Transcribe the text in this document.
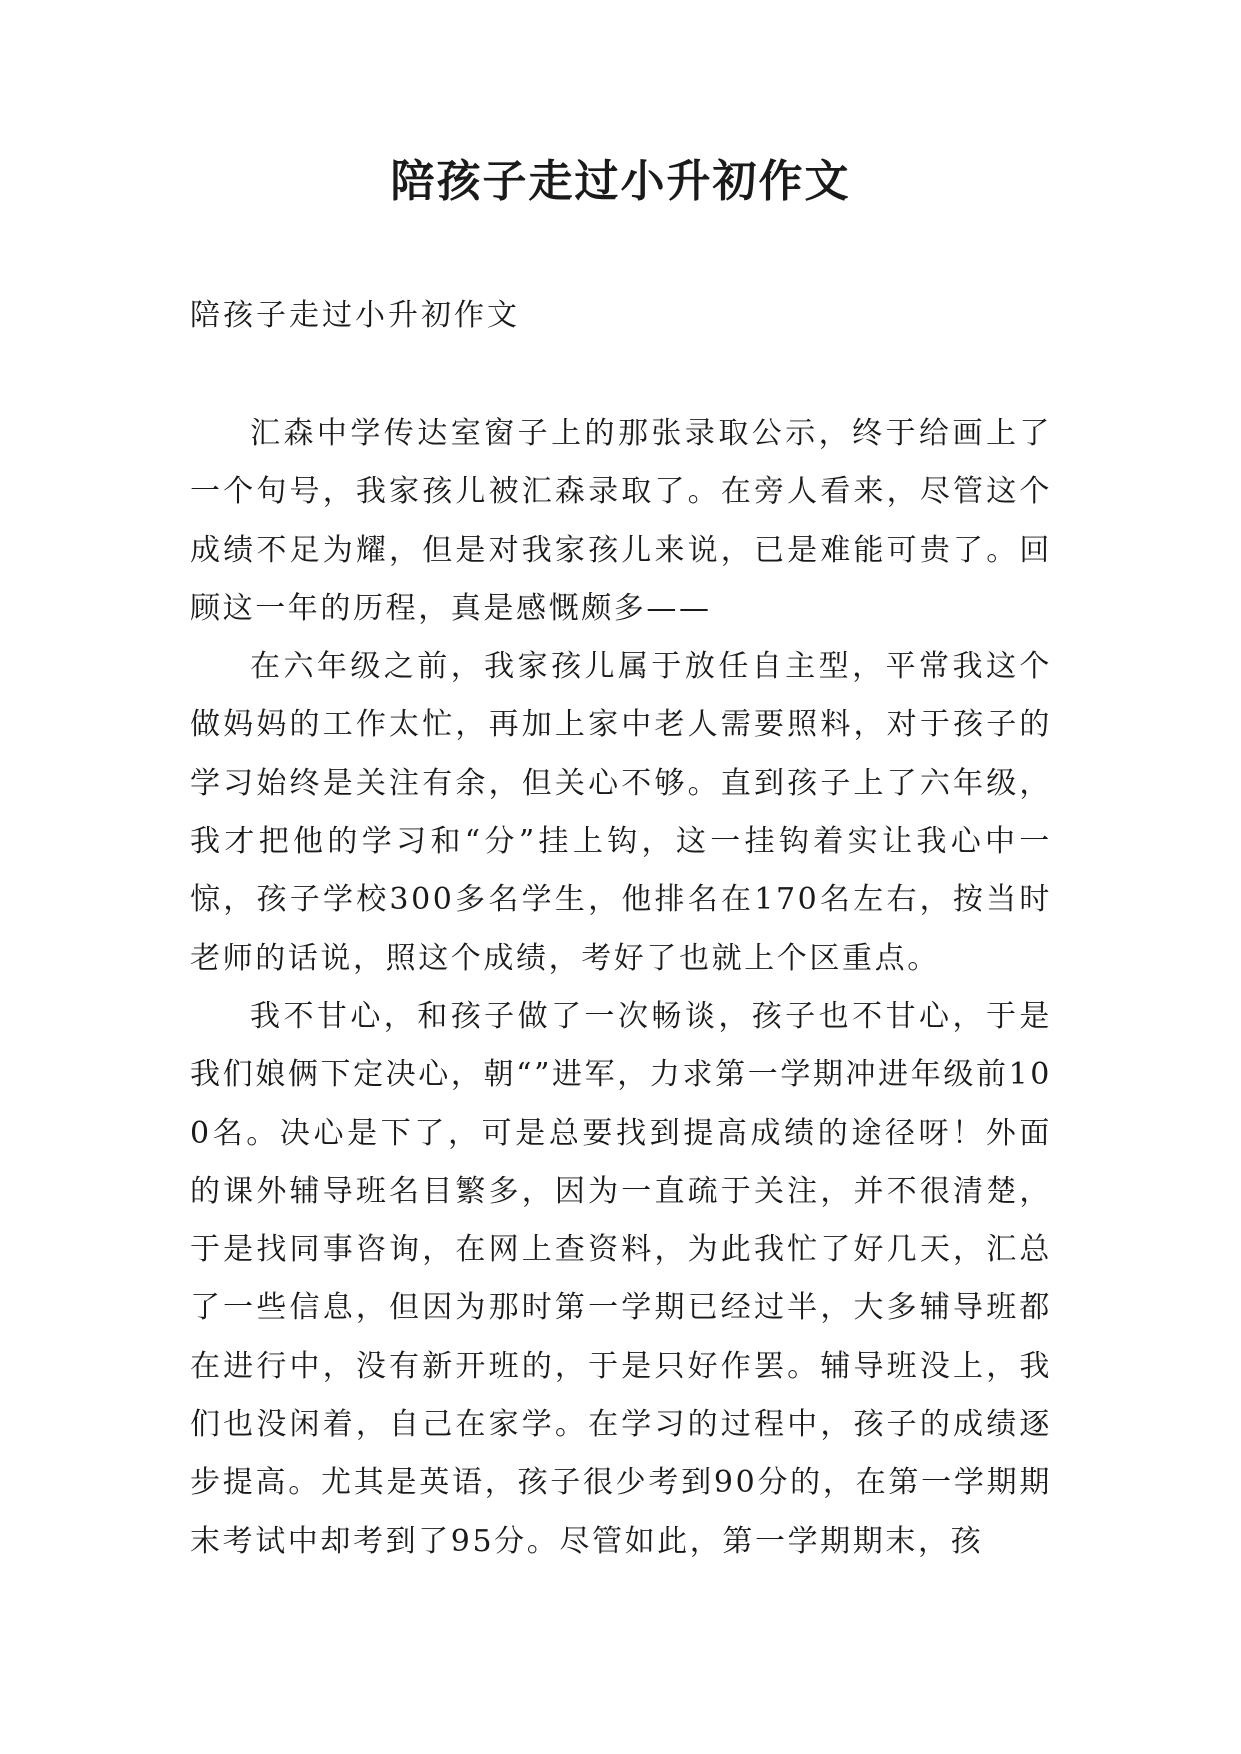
陪孩子走过小升初作文
陪孩子走过小升初作文

汇森中学传达室窗子上的那张录取公示，终于给画上了一个句号，我家孩儿被汇森录取了。在旁人看来，尽管这个成绩不足为耀，但是对我家孩儿来说，已是难能可贵了。回顾这一年的历程，真是感慨颇多——

在六年级之前，我家孩儿属于放任自主型，平常我这个做妈妈的工作太忙，再加上家中老人需要照料，对于孩子的学习始终是关注有余，但关心不够。直到孩子上了六年级，我才把他的学习和“分”挂上钩，这一挂钩着实让我心中一惊，孩子学校300多名学生，他排名在170名左右，按当时老师的话说，照这个成绩，考好了也就上个区重点。

我不甘心，和孩子做了一次畅谈，孩子也不甘心，于是我们娘俩下定决心，朝“”进军，力求第一学期冲进年级前100名。决心是下了，可是总要找到提高成绩的途径呀！外面的课外辅导班名目繁多，因为一直疏于关注，并不很清楚，于是找同事咨询，在网上查资料，为此我忙了好几天，汇总了一些信息，但因为那时第一学期已经过半，大多辅导班都在进行中，没有新开班的，于是只好作罢。辅导班没上，我们也没闲着，自己在家学。在学习的过程中，孩子的成绩逐步提高。尤其是英语，孩子很少考到90分的，在第一学期期末考试中却考到了95分。尽管如此，第一学期期末，孩
